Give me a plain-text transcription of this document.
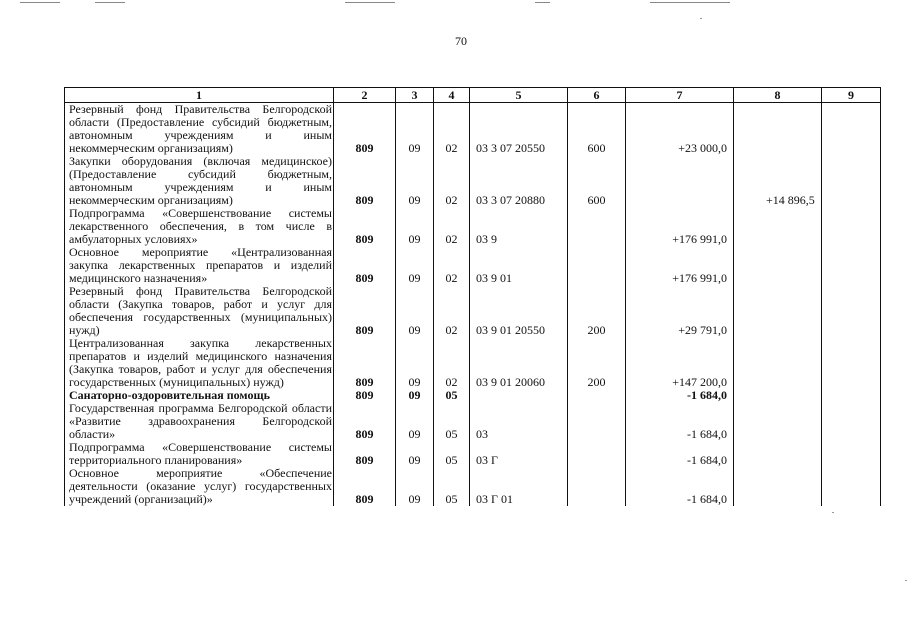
70
1	2	3	4	5	6	7	8	9
Резервный фонд Правительства Белгородской области (Предоставление субсидий бюджетным, автономным учреждениям и иным некоммерческим организациям)	809	09	02	03 3 07 20550	600	+23 000,0		
Закупки оборудования (включая медицинское) (Предоставление субсидий бюджетным, автономным учреждениям и иным некоммерческим организациям)	809	09	02	03 3 07 20880	600		+14 896,5	
Подпрограмма «Совершенствование системы лекарственного обеспечения, в том числе в амбулаторных условиях»	809	09	02	03 9		+176 991,0		
Основное мероприятие «Централизованная закупка лекарственных препаратов и изделий медицинского назначения»	809	09	02	03 9 01		+176 991,0		
Резервный фонд Правительства Белгородской области (Закупка товаров, работ и услуг для обеспечения государственных (муниципальных) нужд)	809	09	02	03 9 01 20550	200	+29 791,0		
Централизованная закупка лекарственных препаратов и изделий медицинского назначения (Закупка товаров, работ и услуг для обеспечения государственных (муниципальных) нужд)	809	09	02	03 9 01 20060	200	+147 200,0		
Санаторно-оздоровительная помощь	809	09	05			-1 684,0		
Государственная программа Белгородской области «Развитие здравоохранения Белгородской области»	809	09	05	03		-1 684,0		
Подпрограмма «Совершенствование системы территориального планирования»	809	09	05	03 Г		-1 684,0		
Основное мероприятие «Обеспечение деятельности (оказание услуг) государственных учреждений (организаций)»	809	09	05	03 Г 01		-1 684,0		
